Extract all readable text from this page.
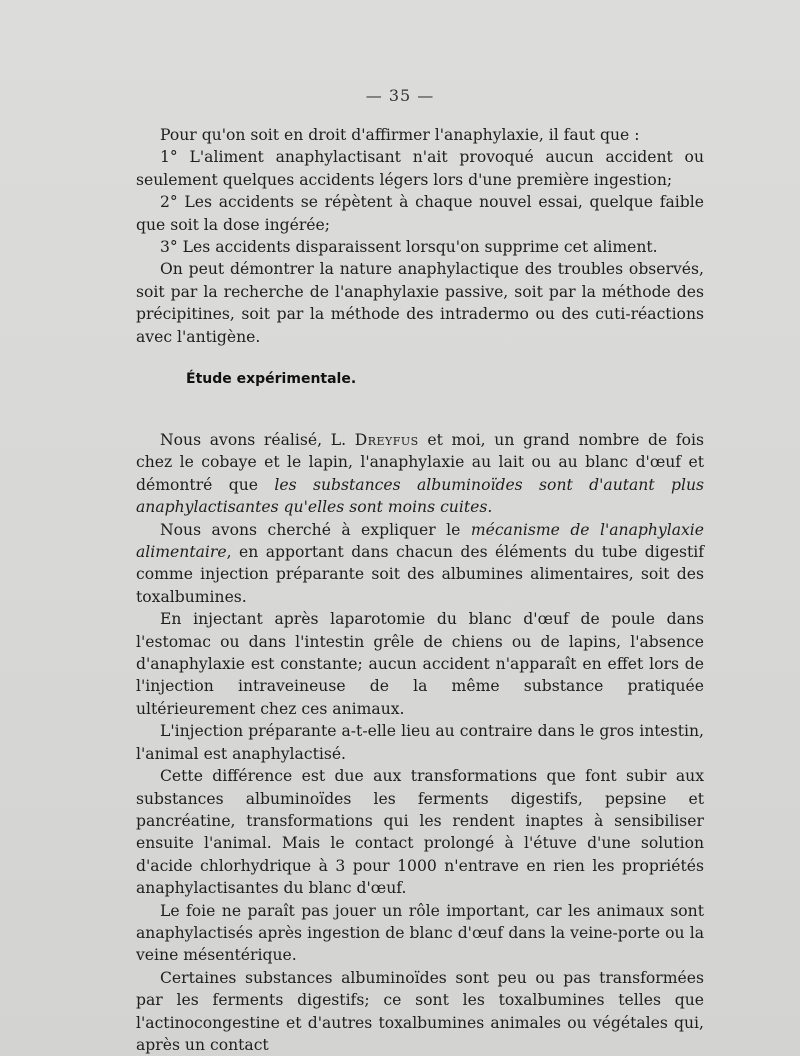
— 35 —

Pour qu'on soit en droit d'affirmer l'anaphylaxie, il faut que :

1° L'aliment anaphylactisant n'ait provoqué aucun accident ou seulement quelques accidents légers lors d'une première ingestion;

2° Les accidents se répètent à chaque nouvel essai, quelque faible que soit la dose ingérée;

3° Les accidents disparaissent lorsqu'on supprime cet aliment.

On peut démontrer la nature anaphylactique des troubles observés, soit par la recherche de l'anaphylaxie passive, soit par la méthode des précipitines, soit par la méthode des intradermo ou des cuti-réactions avec l'antigène.

Étude expérimentale.

Nous avons réalisé, L. Dreyfus et moi, un grand nombre de fois chez le cobaye et le lapin, l'anaphylaxie au lait ou au blanc d'œuf et démontré que les substances albuminoïdes sont d'autant plus anaphylactisantes qu'elles sont moins cuites.

Nous avons cherché à expliquer le mécanisme de l'anaphylaxie alimentaire, en apportant dans chacun des éléments du tube digestif comme injection préparante soit des albumines alimentaires, soit des toxalbumines.

En injectant après laparotomie du blanc d'œuf de poule dans l'estomac ou dans l'intestin grêle de chiens ou de lapins, l'absence d'anaphylaxie est constante; aucun accident n'apparaît en effet lors de l'injection intraveineuse de la même substance pratiquée ultérieurement chez ces animaux.

L'injection préparante a-t-elle lieu au contraire dans le gros intestin, l'animal est anaphylactisé.

Cette différence est due aux transformations que font subir aux substances albuminoïdes les ferments digestifs, pepsine et pancréatine, transformations qui les rendent inaptes à sensibiliser ensuite l'animal. Mais le contact prolongé à l'étuve d'une solution d'acide chlorhydrique à 3 pour 1000 n'entrave en rien les propriétés anaphylactisantes du blanc d'œuf.

Le foie ne paraît pas jouer un rôle important, car les animaux sont anaphylactisés après ingestion de blanc d'œuf dans la veine-porte ou la veine mésentérique.

Certaines substances albuminoïdes sont peu ou pas transformées par les ferments digestifs; ce sont les toxalbumines telles que l'actinocongestine et d'autres toxalbumines animales ou végétales qui, après un contact
